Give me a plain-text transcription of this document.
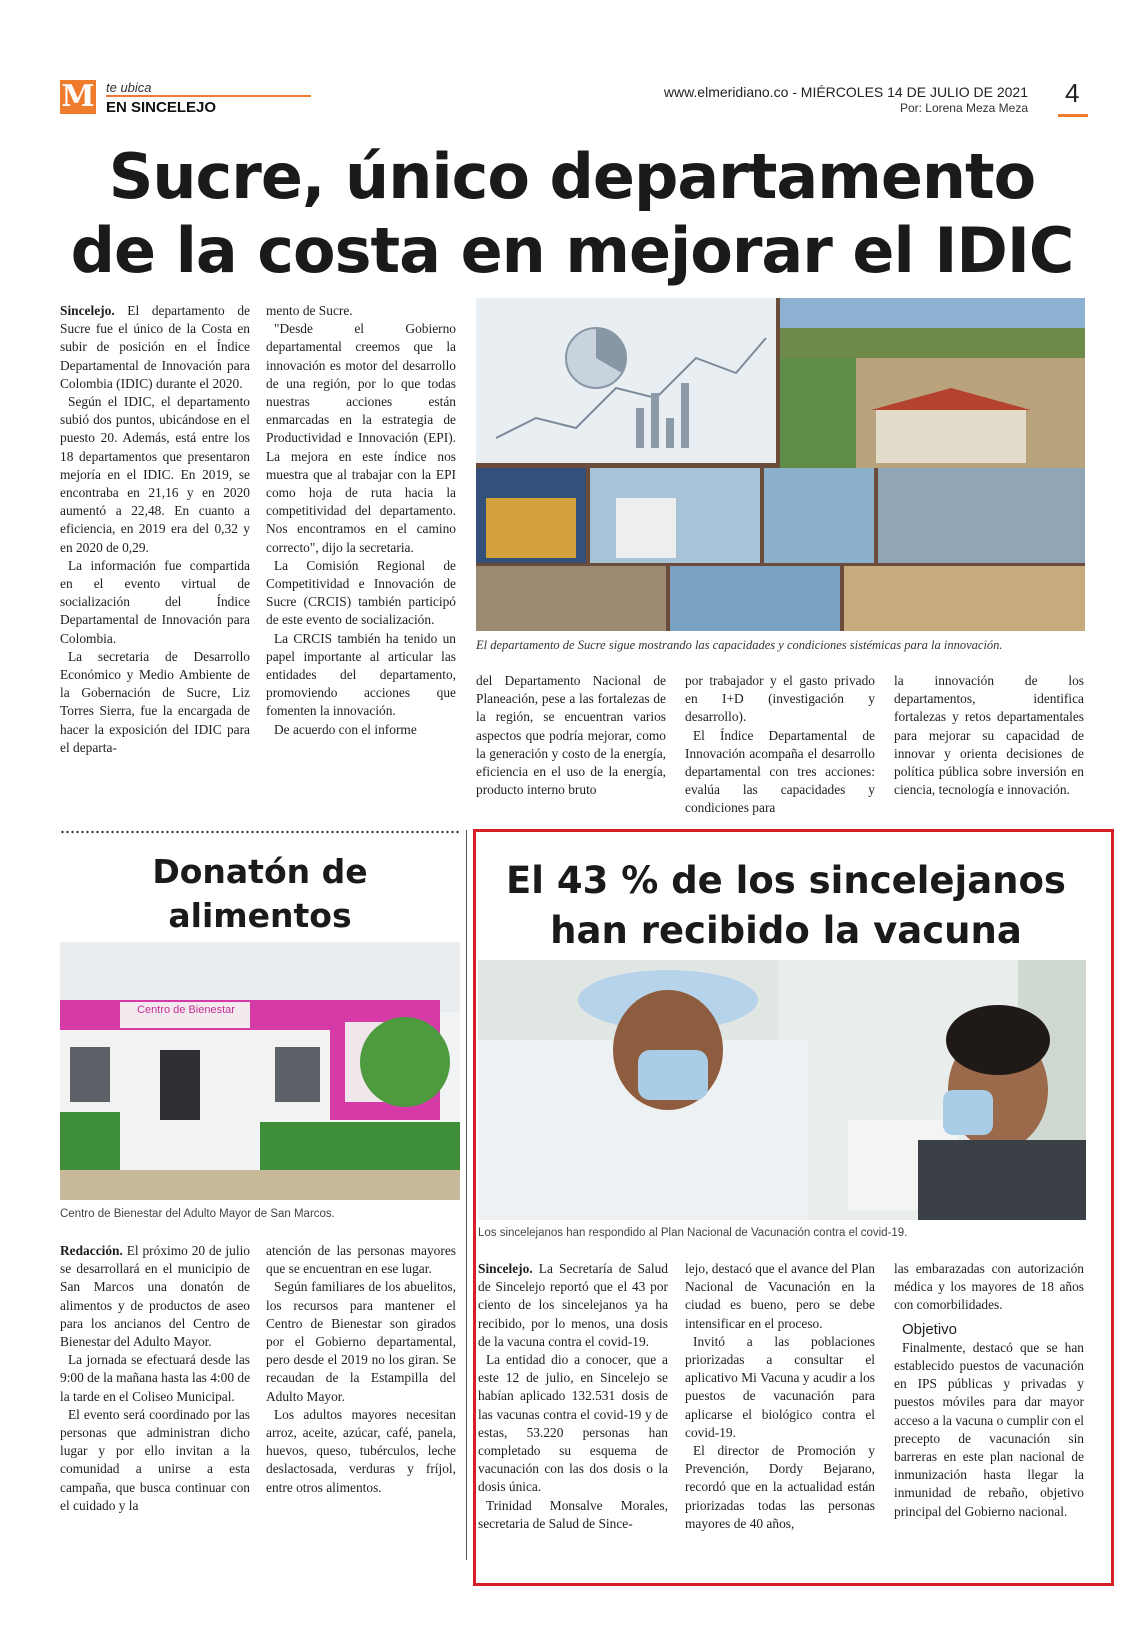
M te ubica
EN SINCELEJO
www.elmeridiano.co - MIÉRCOLES 14 DE JULIO DE 2021
Por: Lorena Meza Meza 4
Sucre, único departamento
de la costa en mejorar el IDIC

Sincelejo. El departamento de Sucre fue el único de la Costa en subir de posición en el Índice Departamental de Innovación para Colombia (IDIC) durante el 2020.

Según el IDIC, el departamento subió dos puntos, ubicándose en el puesto 20. Además, está entre los 18 departamentos que presentaron mejoría en el IDIC. En 2019, se encontraba en 21,16 y en 2020 aumentó a 22,48. En cuanto a eficiencia, en 2019 era del 0,32 y en 2020 de 0,29.

La información fue compartida en el evento virtual de socialización del Índice Departamental de Innovación para Colombia.

La secretaria de Desarrollo Económico y Medio Ambiente de la Gobernación de Sucre, Liz Torres Sierra, fue la encargada de hacer la exposición del IDIC para el departa-

mento de Sucre.

"Desde el Gobierno departamental creemos que la innovación es motor del desarrollo de una región, por lo que todas nuestras acciones están enmarcadas en la estrategia de Productividad e Innovación (EPI). La mejora en este índice nos muestra que al trabajar con la EPI como hoja de ruta hacia la competitividad del departamento. Nos encontramos en el camino correcto", dijo la secretaria.

La Comisión Regional de Competitividad e Innovación de Sucre (CRCIS) también participó de este evento de socialización.

La CRCIS también ha tenido un papel importante al articular las entidades del departamento, promoviendo acciones que fomenten la innovación.

De acuerdo con el informe

El departamento de Sucre sigue mostrando las capacidades y condiciones sistémicas para la innovación.

del Departamento Nacional de Planeación, pese a las fortalezas de la región, se encuentran varios aspectos que podría mejorar, como la generación y costo de la energía, eficiencia en el uso de la energía, producto interno bruto

por trabajador y el gasto privado en I+D (investigación y desarrollo).

El Índice Departamental de Innovación acompaña el desarrollo departamental con tres acciones: evalúa las capacidades y condiciones para

la innovación de los departamentos, identifica fortalezas y retos departamentales para mejorar su capacidad de innovar y orienta decisiones de política pública sobre inversión en ciencia, tecnología e innovación.

Donatón de alimentos
Centro de Bienestar
Centro de Bienestar del Adulto Mayor de San Marcos.

Redacción. El próximo 20 de julio se desarrollará en el municipio de San Marcos una donatón de alimentos y de productos de aseo para los ancianos del Centro de Bienestar del Adulto Mayor.

La jornada se efectuará desde las 9:00 de la mañana hasta las 4:00 de la tarde en el Coliseo Municipal.

El evento será coordinado por las personas que administran dicho lugar y por ello invitan a la comunidad a unirse a esta campaña, que busca continuar con el cuidado y la

atención de las personas mayores que se encuentran en ese lugar.

Según familiares de los abuelitos, los recursos para mantener el Centro de Bienestar son girados por el Gobierno departamental, pero desde el 2019 no los giran. Se recaudan de la Estampilla del Adulto Mayor.

Los adultos mayores necesitan arroz, aceite, azúcar, café, panela, huevos, queso, tubérculos, leche deslactosada, verduras y fríjol, entre otros alimentos.

El 43 % de los sincelejanos
han recibido la vacuna
Los sincelejanos han respondido al Plan Nacional de Vacunación contra el covid-19.

Sincelejo. La Secretaría de Salud de Sincelejo reportó que el 43 por ciento de los sincelejanos ya ha recibido, por lo menos, una dosis de la vacuna contra el covid-19.

La entidad dio a conocer, que a este 12 de julio, en Sincelejo se habían aplicado 132.531 dosis de las vacunas contra el covid-19 y de estas, 53.220 personas han completado su esquema de vacunación con las dos dosis o la dosis única.

Trinidad Monsalve Morales, secretaria de Salud de Since-

lejo, destacó que el avance del Plan Nacional de Vacunación en la ciudad es bueno, pero se debe intensificar en el proceso.

Invitó a las poblaciones priorizadas a consultar el aplicativo Mi Vacuna y acudir a los puestos de vacunación para aplicarse el biológico contra el covid-19.

El director de Promoción y Prevención, Dordy Bejarano, recordó que en la actualidad están priorizadas todas las personas mayores de 40 años,

las embarazadas con autorización médica y los mayores de 18 años con comorbilidades.

Objetivo

Finalmente, destacó que se han establecido puestos de vacunación en IPS públicas y privadas y puestos móviles para dar mayor acceso a la vacuna o cumplir con el precepto de vacunación sin barreras en este plan nacional de inmunización hasta llegar la inmunidad de rebaño, objetivo principal del Gobierno nacional.
